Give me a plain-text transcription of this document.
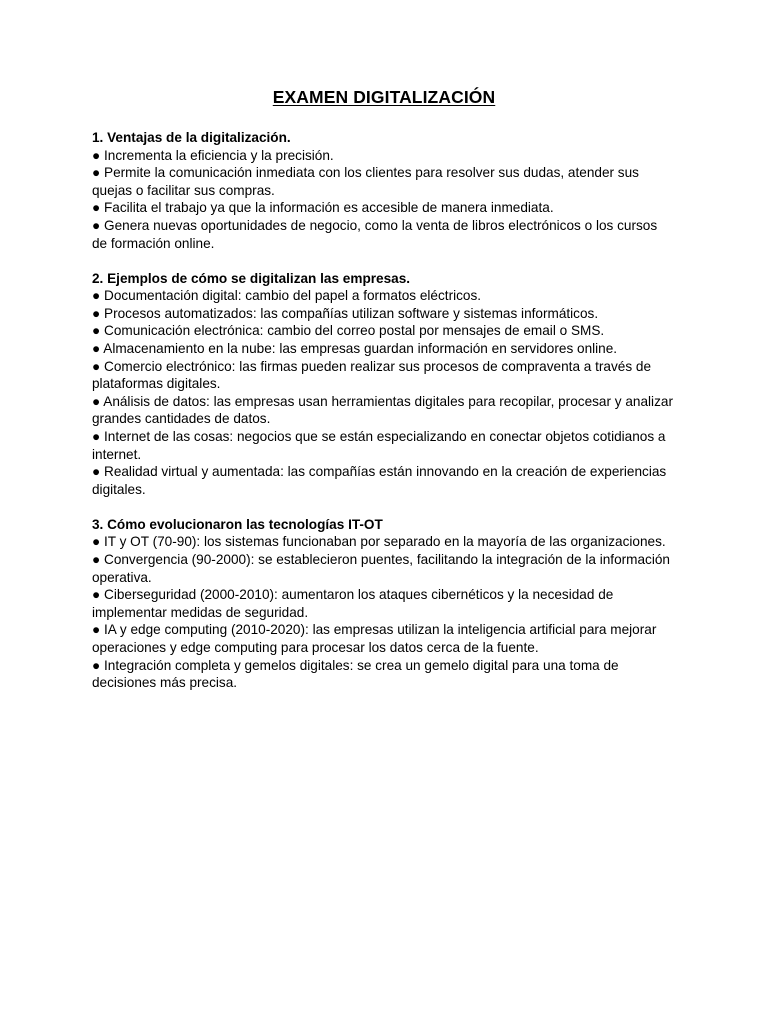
EXAMEN DIGITALIZACIÓN

1. Ventajas de la digitalización.

● Incrementa la eficiencia y la precisión.
● Permite la comunicación inmediata con los clientes para resolver sus dudas, atender sus quejas o facilitar sus compras.
● Facilita el trabajo ya que la información es accesible de manera inmediata.
● Genera nuevas oportunidades de negocio, como la venta de libros electrónicos o los cursos de formación online.

2. Ejemplos de cómo se digitalizan las empresas.

● Documentación digital: cambio del papel a formatos eléctricos.
● Procesos automatizados: las compañías utilizan software y sistemas informáticos.
● Comunicación electrónica: cambio del correo postal por mensajes de email o SMS.
● Almacenamiento en la nube: las empresas guardan información en servidores online.
● Comercio electrónico: las firmas pueden realizar sus procesos de compraventa a través de plataformas digitales.
● Análisis de datos: las empresas usan herramientas digitales para recopilar, procesar y analizar grandes cantidades de datos.
● Internet de las cosas: negocios que se están especializando en conectar objetos cotidianos a internet.
● Realidad virtual y aumentada: las compañías están innovando en la creación de experiencias digitales.

3. Cómo evolucionaron las tecnologías IT-OT

● IT y OT (70-90): los sistemas funcionaban por separado en la mayoría de las organizaciones.
● Convergencia (90-2000): se establecieron puentes, facilitando la integración de la información operativa.
● Ciberseguridad (2000-2010): aumentaron los ataques cibernéticos y la necesidad de implementar medidas de seguridad.
● IA y edge computing (2010-2020): las empresas utilizan la inteligencia artificial para mejorar operaciones y edge computing para procesar los datos cerca de la fuente.
● Integración completa y gemelos digitales: se crea un gemelo digital para una toma de decisiones más precisa.
